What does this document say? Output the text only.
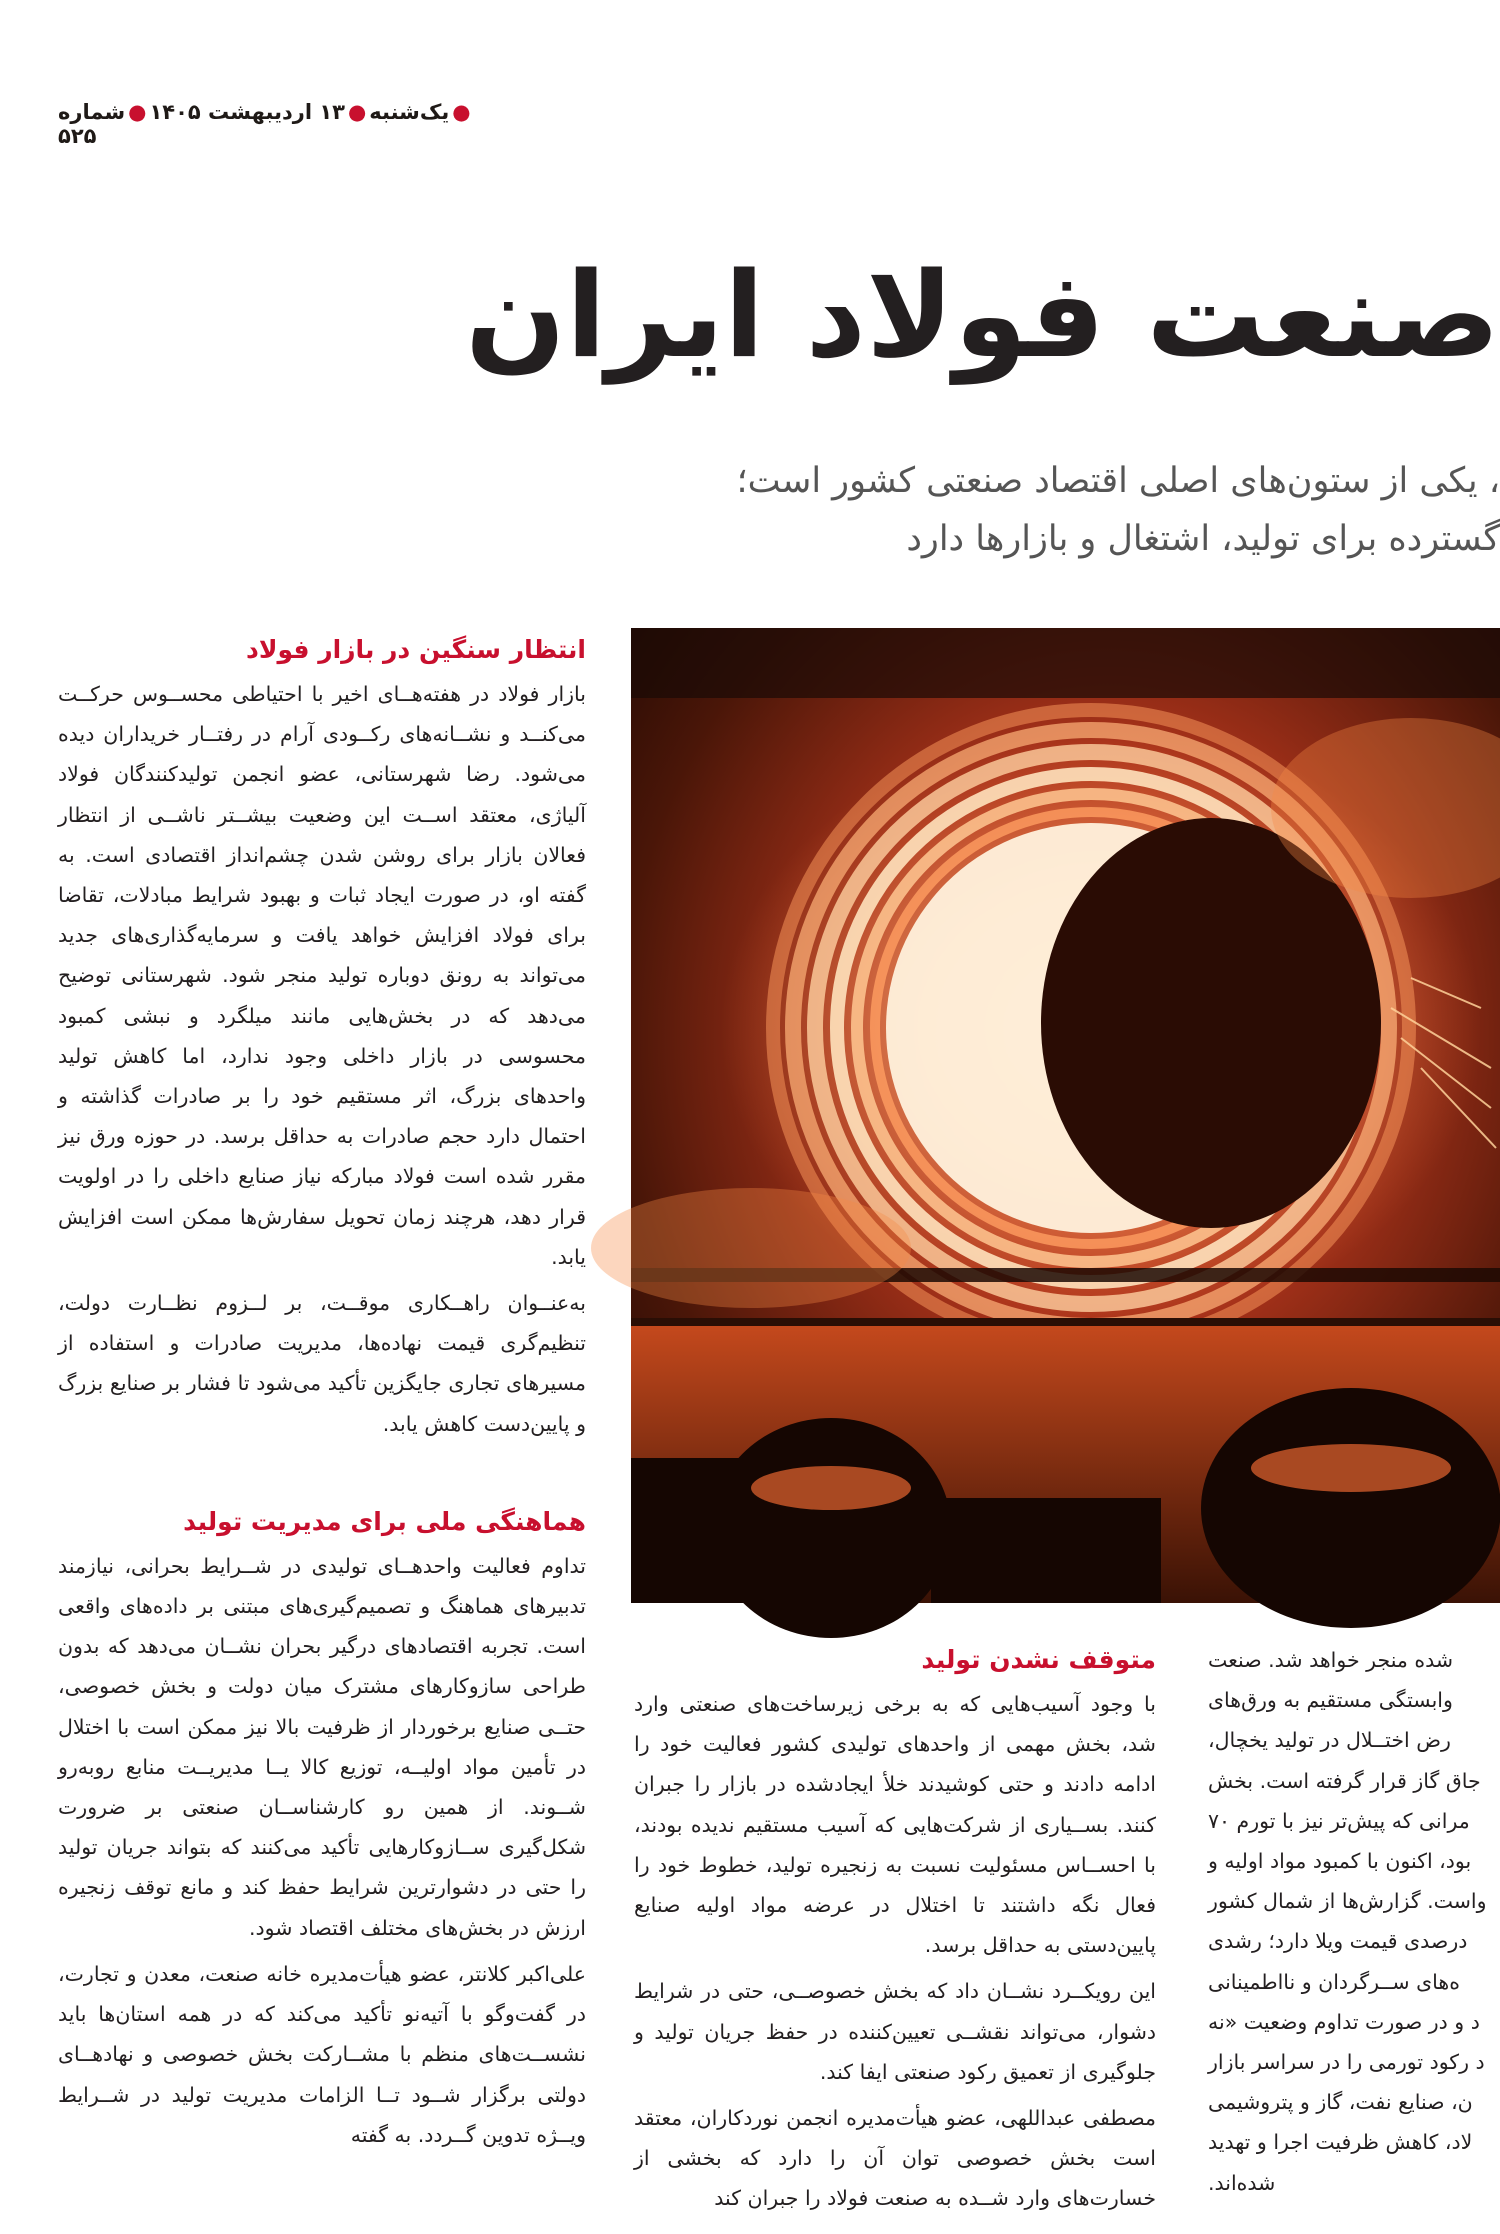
●یک‌شنبه●۱۳ اردیبهشت ۱۴۰۵●شماره ۵۲۵
صنعت فولاد ایران

، یکی از ستون‌های اصلی اقتصاد صنعتی کشور است؛

گسترده برای تولید، اشتغال و بازارها دارد

انتظار سنگین در بازار فولاد

بازار فولاد در هفته‌هــای اخیر با احتیاطی محســوس حرکــت می‌کنــد و نشــانه‌های رکــودی آرام در رفتــار خریداران دیده می‌شود. رضا شهرستانی، عضو انجمن تولیدکنندگان فولاد آلیاژی، معتقد اســت این وضعیت بیشــتر ناشــی از انتظار فعالان بازار برای روشن شدن چشم‌انداز اقتصادی است. به گفته او، در صورت ایجاد ثبات و بهبود شرایط مبادلات، تقاضا برای فولاد افزایش خواهد یافت و سرمایه‌گذاری‌های جدید می‌تواند به رونق دوباره تولید منجر شود. شهرستانی توضیح می‌دهد که در بخش‌هایی مانند میلگرد و نبشی کمبود محسوسی در بازار داخلی وجود ندارد، اما کاهش تولید واحدهای بزرگ، اثر مستقیم خود را بر صادرات گذاشته و احتمال دارد حجم صادرات به حداقل برسد. در حوزه ورق نیز مقرر شده است فولاد مبارکه نیاز صنایع داخلی را در اولویت قرار دهد، هرچند زمان تحویل سفارش‌ها ممکن است افزایش یابد.

به‌عنــوان راهــکاری موقــت، بر لــزوم نظــارت دولت، تنظیم‌گری قیمت نهاده‌ها، مدیریت صادرات و استفاده از مسیرهای تجاری جایگزین تأکید می‌شود تا فشار بر صنایع بزرگ و پایین‌دست کاهش یابد.

هماهنگی ملی برای مدیریت تولید

تداوم فعالیت واحدهــای تولیدی در شــرایط بحرانی، نیازمند تدبیرهای هماهنگ و تصمیم‌گیری‌های مبتنی بر داده‌های واقعی است. تجربه اقتصادهای درگیر بحران نشــان می‌دهد که بدون طراحی سازوکارهای مشترک میان دولت و بخش خصوصی، حتــی صنایع برخوردار از ظرفیت بالا نیز ممکن است با اختلال در تأمین مواد اولیــه، توزیع کالا یــا مدیریــت منابع روبه‌رو شــوند. از همین رو کارشناســان صنعتی بر ضرورت شکل‌گیری ســازوکارهایی تأکید می‌کنند که بتواند جریان تولید را حتی در دشوارترین شرایط حفظ کند و مانع توقف زنجیره ارزش در بخش‌های مختلف اقتصاد شود.

علی‌اکبر کلانتر، عضو هیأت‌مدیره خانه صنعت، معدن و تجارت، در گفت‌وگو با آتیه‌نو تأکید می‌کند که در همه استان‌ها باید نشســت‌های منظم با مشــارکت بخش خصوصی و نهادهــای دولتی برگزار شــود تــا الزامات مدیریت تولید در شــرایط ویــژه تدوین گــردد. به گفته

متوقف نشدن تولید

با وجود آسیب‌هایی که به برخی زیرساخت‌های صنعتی وارد شد، بخش مهمی از واحدهای تولیدی کشور فعالیت خود را ادامه دادند و حتی کوشیدند خلأ ایجادشده در بازار را جبران کنند. بســیاری از شرکت‌هایی که آسیب مستقیم ندیده بودند، با احســاس مسئولیت نسبت به زنجیره تولید، خطوط خود را فعال نگه داشتند تا اختلال در عرضه مواد اولیه صنایع پایین‌دستی به حداقل برسد.

این رویکــرد نشــان داد که بخش خصوصــی، حتی در شرایط دشوار، می‌تواند نقشــی تعیین‌کننده در حفظ جریان تولید و جلوگیری از تعمیق رکود صنعتی ایفا کند.

مصطفی عبداللهی، عضو هیأت‌مدیره انجمن نوردکاران، معتقد است بخش خصوصی توان آن را دارد که بخشی از خسارت‌های وارد شــده به صنعت فولاد را جبران کند

شده منجر خواهد شد. صنعت

وابستگی مستقیم به ورق‌های

رض اختــلال در تولید یخچال،

جاق گاز قرار گرفته است. بخش

مرانی که پیش‌تر نیز با تورم ۷۰

بود، اکنون با کمبود مواد اولیه و

واست. گزارش‌ها از شمال کشور

درصدی قیمت ویلا دارد؛ رشدی

ه‌های ســرگردان و نااطمینانی

د و در صورت تداوم وضعیت «نه

د رکود تورمی را در سراسر بازار

ن، صنایع نفت، گاز و پتروشیمی

لاد، کاهش ظرفیت اجرا و تهدید

شده‌اند.
